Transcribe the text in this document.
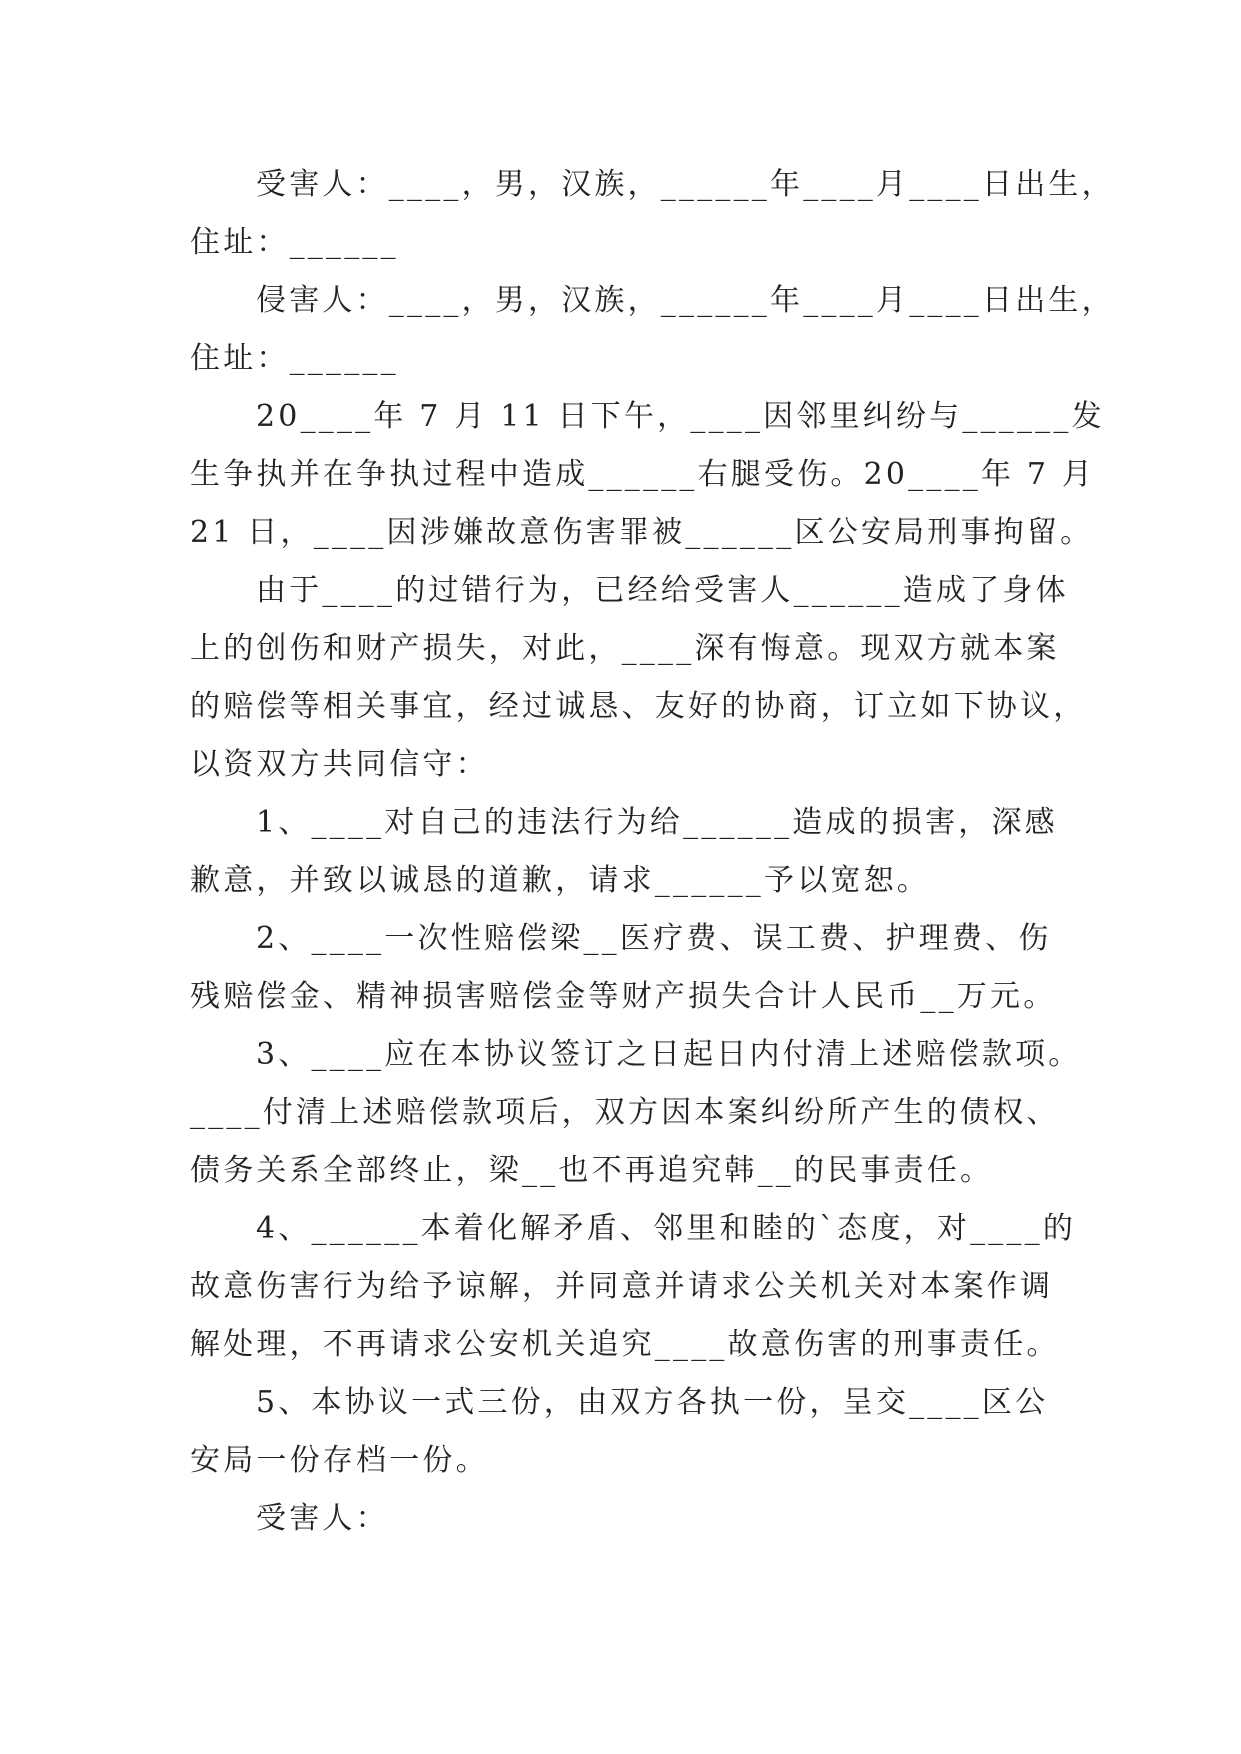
受害人：____，男，汉族，______年____月____日出生，
住址：______
侵害人：____，男，汉族，______年____月____日出生，
住址：______
20____年 7 月 11 日下午，____因邻里纠纷与______发
生争执并在争执过程中造成______右腿受伤。20____年 7 月
21 日，____因涉嫌故意伤害罪被______区公安局刑事拘留。
由于____的过错行为，已经给受害人______造成了身体
上的创伤和财产损失，对此，____深有悔意。现双方就本案
的赔偿等相关事宜，经过诚恳、友好的协商，订立如下协议，
以资双方共同信守：
1、____对自己的违法行为给______造成的损害，深感
歉意，并致以诚恳的道歉，请求______予以宽恕。
2、____一次性赔偿梁__医疗费、误工费、护理费、伤
残赔偿金、精神损害赔偿金等财产损失合计人民币__万元。
3、____应在本协议签订之日起日内付清上述赔偿款项。
____付清上述赔偿款项后，双方因本案纠纷所产生的债权、
债务关系全部终止，梁__也不再追究韩__的民事责任。
4、______本着化解矛盾、邻里和睦的`态度，对____的
故意伤害行为给予谅解，并同意并请求公关机关对本案作调
解处理，不再请求公安机关追究____故意伤害的刑事责任。
5、本协议一式三份，由双方各执一份，呈交____区公
安局一份存档一份。
受害人：
